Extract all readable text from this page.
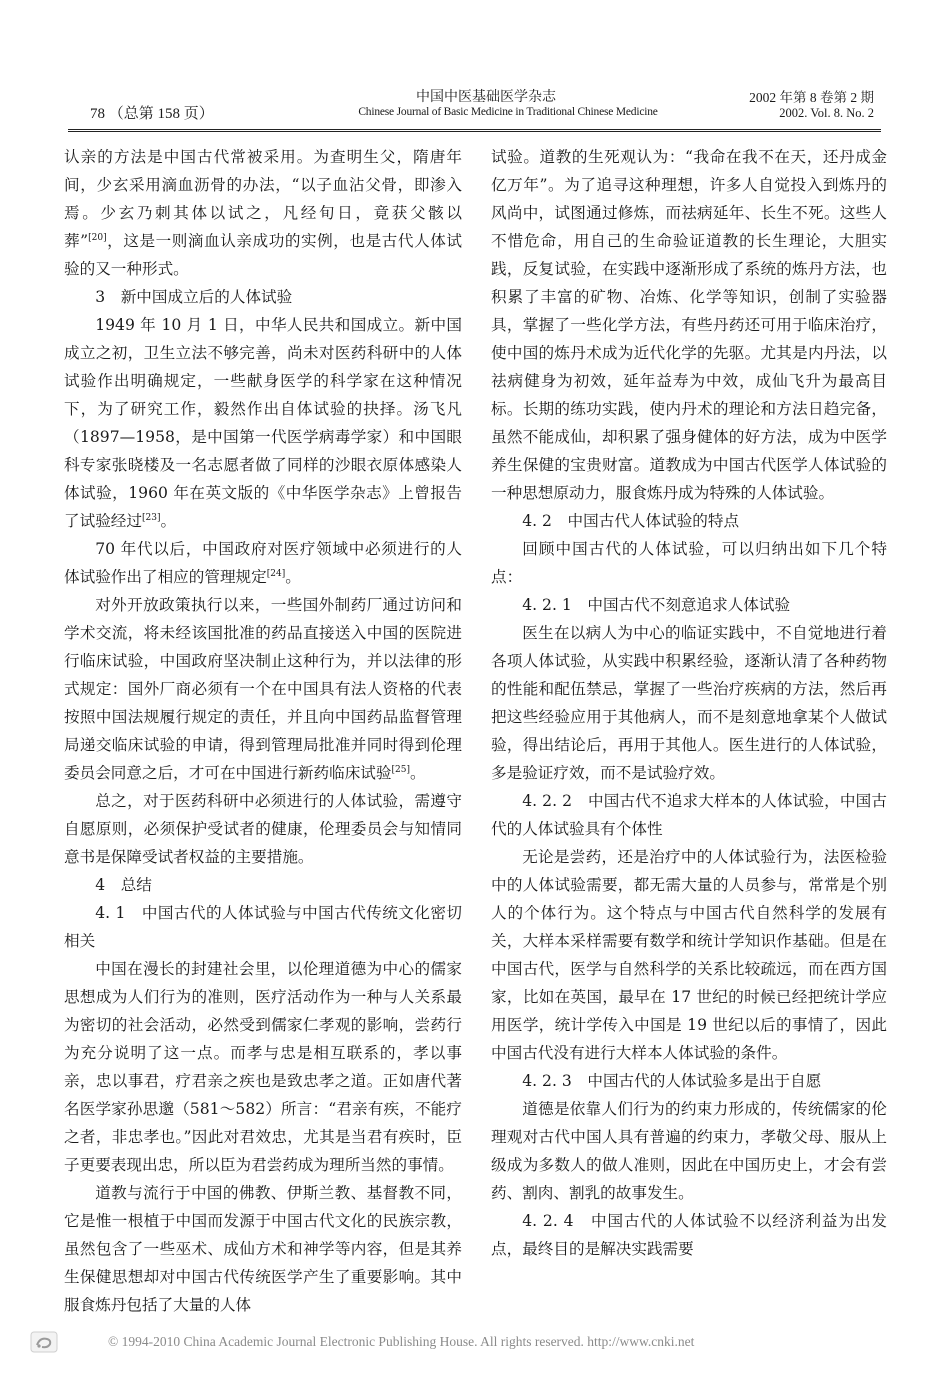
78 （总第 158 页）
中国中医基础医学杂志
Chinese Journal of Basic Medicine in Traditional Chinese Medicine
2002 年第 8 卷第 2 期
2002. Vol. 8. No. 2

认亲的方法是中国古代常被采用。为查明生父，隋唐年间，少玄采用滴血沥骨的办法，“以子血沾父骨，即渗入焉。少玄乃刺其体以试之，凡经旬日，竟获父骸以葬”[20]，这是一则滴血认亲成功的实例，也是古代人体试验的又一种形式。

3　新中国成立后的人体试验

1949 年 10 月 1 日，中华人民共和国成立。新中国成立之初，卫生立法不够完善，尚未对医药科研中的人体试验作出明确规定，一些献身医学的科学家在这种情况下，为了研究工作，毅然作出自体试验的抉择。汤飞凡（1897—1958，是中国第一代医学病毒学家）和中国眼科专家张晓楼及一名志愿者做了同样的沙眼衣原体感染人体试验，1960 年在英文版的《中华医学杂志》上曾报告了试验经过[23]。

70 年代以后，中国政府对医疗领域中必须进行的人体试验作出了相应的管理规定[24]。

对外开放政策执行以来，一些国外制药厂通过访问和学术交流，将未经该国批准的药品直接送入中国的医院进行临床试验，中国政府坚决制止这种行为，并以法律的形式规定：国外厂商必须有一个在中国具有法人资格的代表按照中国法规履行规定的责任，并且向中国药品监督管理局递交临床试验的申请，得到管理局批准并同时得到伦理委员会同意之后，才可在中国进行新药临床试验[25]。

总之，对于医药科研中必须进行的人体试验，需遵守自愿原则，必须保护受试者的健康，伦理委员会与知情同意书是保障受试者权益的主要措施。

4　总结

4. 1　中国古代的人体试验与中国古代传统文化密切相关

中国在漫长的封建社会里，以伦理道德为中心的儒家思想成为人们行为的准则，医疗活动作为一种与人关系最为密切的社会活动，必然受到儒家仁孝观的影响，尝药行为充分说明了这一点。而孝与忠是相互联系的，孝以事亲，忠以事君，疗君亲之疾也是致忠孝之道。正如唐代著名医学家孙思邈（581～582）所言：“君亲有疾，不能疗之者，非忠孝也。”因此对君效忠，尤其是当君有疾时，臣子更要表现出忠，所以臣为君尝药成为理所当然的事情。

道教与流行于中国的佛教、伊斯兰教、基督教不同，它是惟一根植于中国而发源于中国古代文化的民族宗教，虽然包含了一些巫术、成仙方术和神学等内容，但是其养生保健思想却对中国古代传统医学产生了重要影响。其中服食炼丹包括了大量的人体

试验。道教的生死观认为：“我命在我不在天，还丹成金亿万年”。为了追寻这种理想，许多人自觉投入到炼丹的风尚中，试图通过修炼，而祛病延年、长生不死。这些人不惜危命，用自己的生命验证道教的长生理论，大胆实践，反复试验，在实践中逐渐形成了系统的炼丹方法，也积累了丰富的矿物、冶炼、化学等知识，创制了实验器具，掌握了一些化学方法，有些丹药还可用于临床治疗，使中国的炼丹术成为近代化学的先驱。尤其是内丹法，以祛病健身为初效，延年益寿为中效，成仙飞升为最高目标。长期的练功实践，使内丹术的理论和方法日趋完备，虽然不能成仙，却积累了强身健体的好方法，成为中医学养生保健的宝贵财富。道教成为中国古代医学人体试验的一种思想原动力，服食炼丹成为特殊的人体试验。

4. 2　中国古代人体试验的特点

回顾中国古代的人体试验，可以归纳出如下几个特点：

4. 2. 1　中国古代不刻意追求人体试验

医生在以病人为中心的临证实践中，不自觉地进行着各项人体试验，从实践中积累经验，逐渐认清了各种药物的性能和配伍禁忌，掌握了一些治疗疾病的方法，然后再把这些经验应用于其他病人，而不是刻意地拿某个人做试验，得出结论后，再用于其他人。医生进行的人体试验，多是验证疗效，而不是试验疗效。

4. 2. 2　中国古代不追求大样本的人体试验，中国古代的人体试验具有个体性

无论是尝药，还是治疗中的人体试验行为，法医检验中的人体试验需要，都无需大量的人员参与，常常是个别人的个体行为。这个特点与中国古代自然科学的发展有关，大样本采样需要有数学和统计学知识作基础。但是在中国古代，医学与自然科学的关系比较疏远，而在西方国家，比如在英国，最早在 17 世纪的时候已经把统计学应用医学，统计学传入中国是 19 世纪以后的事情了，因此中国古代没有进行大样本人体试验的条件。

4. 2. 3　中国古代的人体试验多是出于自愿

道德是依靠人们行为的约束力形成的，传统儒家的伦理观对古代中国人具有普遍的约束力，孝敬父母、服从上级成为多数人的做人准则，因此在中国历史上，才会有尝药、割肉、割乳的故事发生。

4. 2. 4　中国古代的人体试验不以经济利益为出发点，最终目的是解决实践需要

© 1994-2010 China Academic Journal Electronic Publishing House. All rights reserved. http://www.cnki.net
